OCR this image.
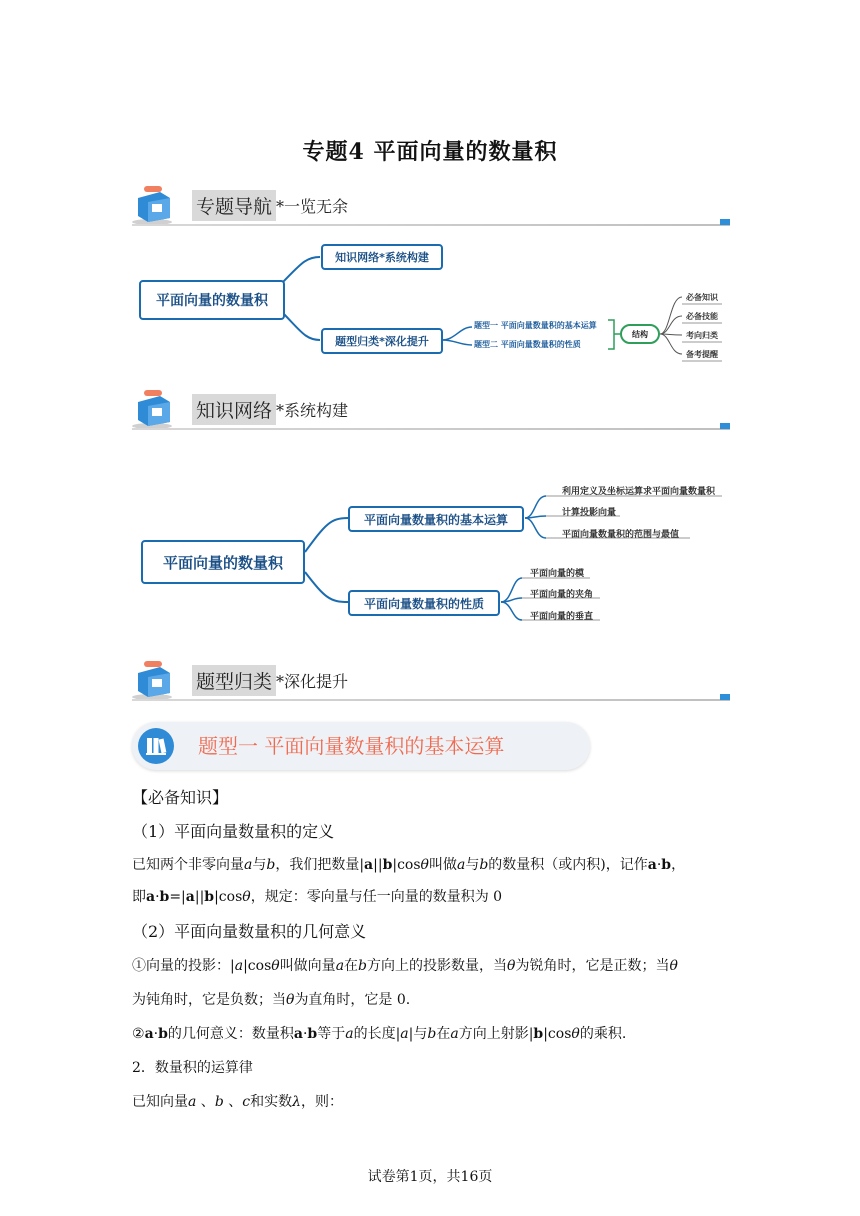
专题4 平面向量的数量积
专题导航 *一览无余
平面向量的数量积
知识网络*系统构建
题型归类*深化提升
题型一 平面向量数量积的基本运算
题型二 平面向量数量积的性质
结构
必备知识
必备技能
考向归类
备考提醒
知识网络 *系统构建
平面向量的数量积
平面向量数量积的基本运算
平面向量数量积的性质
利用定义及坐标运算求平面向量数量积
计算投影向量
平面向量数量积的范围与最值
平面向量的模
平面向量的夹角
平面向量的垂直
题型归类 *深化提升
题型一 平面向量数量积的基本运算
【必备知识】
（1）平面向量数量积的定义
已知两个非零向量a与b，我们把数量|a||b|cosθ叫做a与b的数量积（或内积)，记作a·b，
即a·b=|a||b|cosθ，规定：零向量与任一向量的数量积为 0
（2）平面向量数量积的几何意义
①向量的投影：|a|cosθ叫做向量a在b方向上的投影数量，当θ为锐角时，它是正数；当θ
为钝角时，它是负数；当θ为直角时，它是 0.
②a·b的几何意义：数量积a·b等于a的长度|a|与b在a方向上射影|b|cosθ的乘积.
2．数量积的运算律
已知向量a 、b 、c和实数λ，则：
试卷第1页，共16页
